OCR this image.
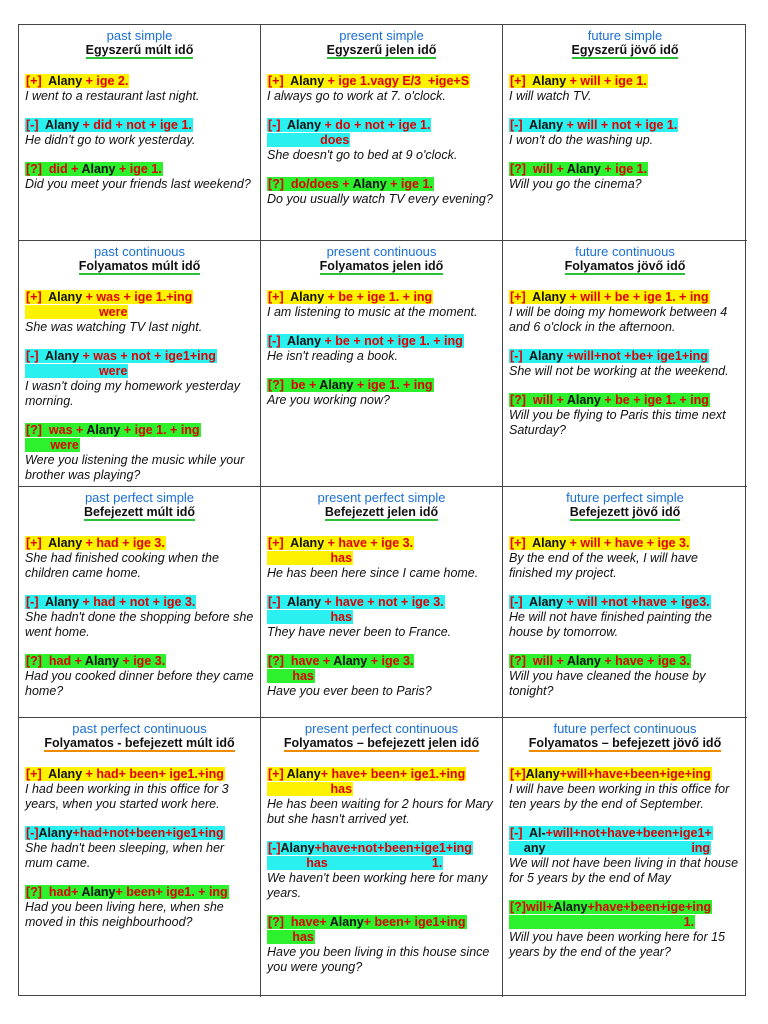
past simple
Egyszerű múlt idő
[+] Alany + ige 2.
I went to a restaurant last night.
[-] Alany + did + not + ige 1.
He didn't go to work yesterday.
[?]  did + Alany + ige 1.
Did you meet your friends last weekend?
present simple
Egyszerű jelen idő
[+] Alany + ige 1.vagy E/3  +ige+S
I always go to work at 7. o'clock.
[-] Alany + do + not + ige 1.
does
She doesn't go to bed at 9 o'clock.
[?]  do/does + Alany + ige 1.
Do you usually watch TV every evening?
future simple
Egyszerű jövő idő
[+] Alany + will + ige 1.
I will watch TV.
[-] Alany + will + not + ige 1.
I won't do the washing up.
[?]  will + Alany + ige 1.
Will you go the cinema?
past continuous
Folyamatos múlt idő
[+] Alany + was + ige 1.+ing
were
She was watching TV last night.
[-] Alany + was + not + ige1+ing
were
I wasn't doing my homework yesterday morning.
[?]  was + Alany + ige 1. + ing
were
Were you listening the music while your brother was playing?
present continuous
Folyamatos jelen idő
[+] Alany + be + ige 1. + ing
I am listening to music at the moment.
[-] Alany + be + not + ige 1. + ing
He isn't reading a book.
[?]  be + Alany + ige 1. + ing
Are you working now?
future continuous
Folyamatos jövő idő
[+] Alany + will + be + ige 1. + ing
I will be doing my homework between 4 and 6 o'clock in the afternoon.
[-] Alany +will+not +be+ ige1+ing
She will not be working at the weekend.
[?]  will + Alany + be + ige 1. + ing
Will you be flying to Paris this time next Saturday?
past perfect simple
Befejezett múlt idő
[+] Alany + had + ige 3.
She had finished cooking when the children came home.
[-] Alany + had + not + ige 3.
She hadn't done the shopping before she went home.
[?]  had + Alany + ige 3.
Had you cooked dinner before they came home?
present perfect simple
Befejezett jelen idő
[+] Alany + have + ige 3.
has
He has been here since I came home.
[-] Alany + have + not + ige 3.
has
They have never been to France.
[?]  have + Alany + ige 3.
has
Have you ever been to Paris?
future perfect simple
Befejezett jövő idő
[+] Alany + will + have + ige 3.
By the end of the week, I will have finished my project.
[-] Alany + will +not +have + ige3.
He will not have finished painting the house by tomorrow.
[?]  will + Alany + have + ige 3.
Will you have cleaned the house by tonight?
past perfect continuous
Folyamatos - befejezett múlt idő
[+] Alany + had+ been+ ige1.+ing
I had been working in this office for 3 years, when you started work here.
[-]Alany+had+not+been+ige1+ing
She hadn't been sleeping, when her mum came.
[?]  had+ Alany+ been+ ige1. + ing
Had you been living here, when she moved in this neighbourhood?
present perfect continuous
Folyamatos – befejezett jelen idő
[+] Alany+ have+ been+ ige1.+ing
has
He has been waiting for 2 hours for Mary but she hasn't arrived yet.
[-]Alany+have+not+been+ige1+ing
has                              1.
We haven't been working here for many years.
[?]  have+ Alany+ been+ ige1+ing
has
Have you been living in this house since you were young?
future perfect continuous
Folyamatos – befejezett jövő idő
[+]Alany+will+have+been+ige+ing
I will have been working in this office for ten years by the end of September.
[-] Al-+will+not+have+been+ige1+
any                                          ing
We will not have been living in that house for 5 years by the end of May
[?]will+Alany+have+been+ige+ing
1.
Will you have been working here for 15 years by the end of the year?
